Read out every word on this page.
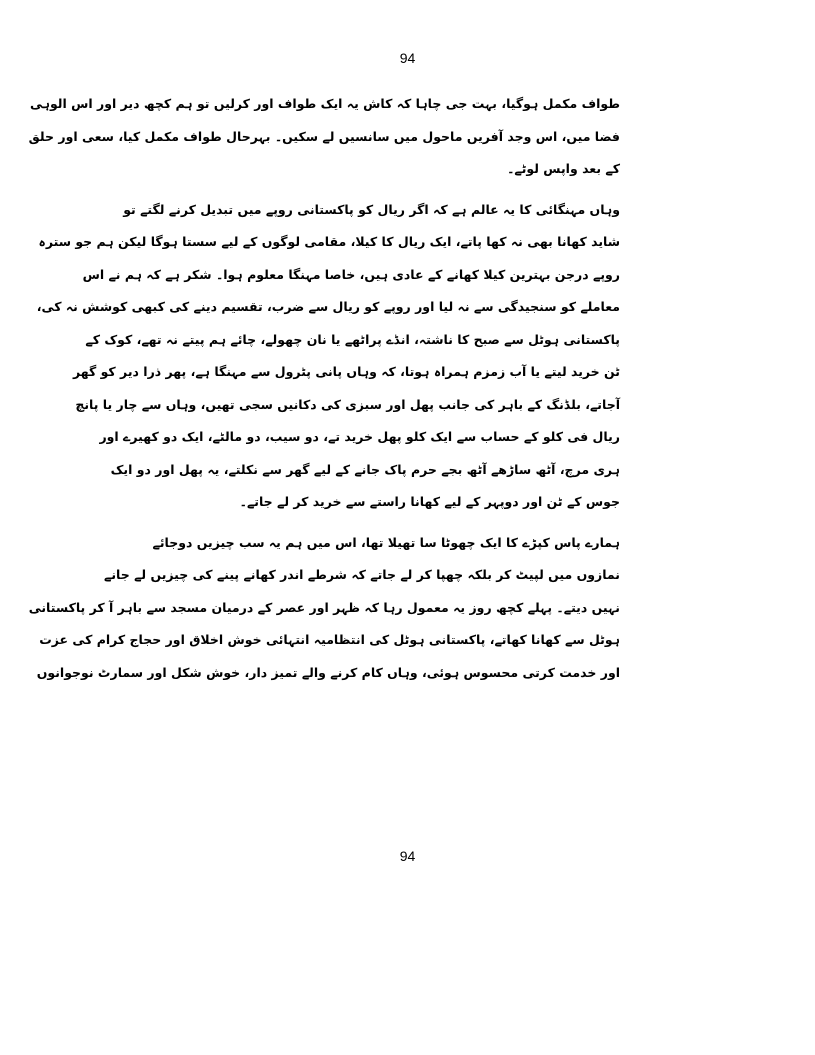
94
طواف مکمل ہوگیا، بہت جی چاہا کہ کاش یہ ایک طواف اور کرلیں تو ہم کچھ دیر اور اس الوہی
فضا میں، اس وجد آفریں ماحول میں سانسیں لے سکیں۔ بہرحال طواف مکمل کیا، سعی اور حلق
کے بعد واپس لوٹے۔
وہاں مہنگائی کا یہ عالم ہے کہ اگر ریال کو پاکستانی روپے میں تبدیل کرنے لگتے تو
شاید کھانا بھی نہ کھا پاتے، ایک ریال کا کیلا، مقامی لوگوں کے لیے سستا ہوگا لیکن ہم جو سترہ
روپے درجن بہترین کیلا کھانے کے عادی ہیں، خاصا مہنگا معلوم ہوا۔ شکر ہے کہ ہم نے اس
معاملے کو سنجیدگی سے نہ لیا اور روپے کو ریال سے ضرب، تقسیم دینے کی کبھی کوشش نہ کی،
پاکستانی ہوٹل سے صبح کا ناشتہ، انڈے پراٹھے یا نان چھولے، چائے ہم پیتے نہ تھے، کوک کے
ٹن خرید لیتے یا آب زمزم ہمراہ ہوتا، کہ وہاں پانی پٹرول سے مہنگا ہے، پھر ذرا دیر کو گھر
آجاتے، بلڈنگ کے باہر کی جانب پھل اور سبزی کی دکانیں سجی تھیں، وہاں سے چار یا پانچ
ریال فی کلو کے حساب سے ایک کلو پھل خرید تے، دو سیب، دو مالٹے، ایک دو کھیرے اور
ہری مرچ، آٹھ ساڑھے آٹھ بجے حرم پاک جانے کے لیے گھر سے نکلتے، یہ پھل اور دو ایک
جوس کے ٹن اور دوپہر کے لیے کھانا راستے سے خرید کر لے جاتے۔
ہمارے پاس کپڑے کا ایک چھوٹا سا تھیلا تھا، اس میں ہم یہ سب چیزیں دوجائے
نمازوں میں لپیٹ کر بلکہ چھپا کر لے جاتے کہ شرطے اندر کھانے پینے کی چیزیں لے جانے
نہیں دیتے۔ پہلے کچھ روز یہ معمول رہا کہ ظہر اور عصر کے درمیان مسجد سے باہر آ کر پاکستانی
ہوٹل سے کھانا کھاتے، پاکستانی ہوٹل کی انتظامیہ انتہائی خوش اخلاق اور حجاج کرام کی عزت
اور خدمت کرتی محسوس ہوئی، وہاں کام کرنے والے تمیز دار، خوش شکل اور سمارٹ نوجوانوں
94
